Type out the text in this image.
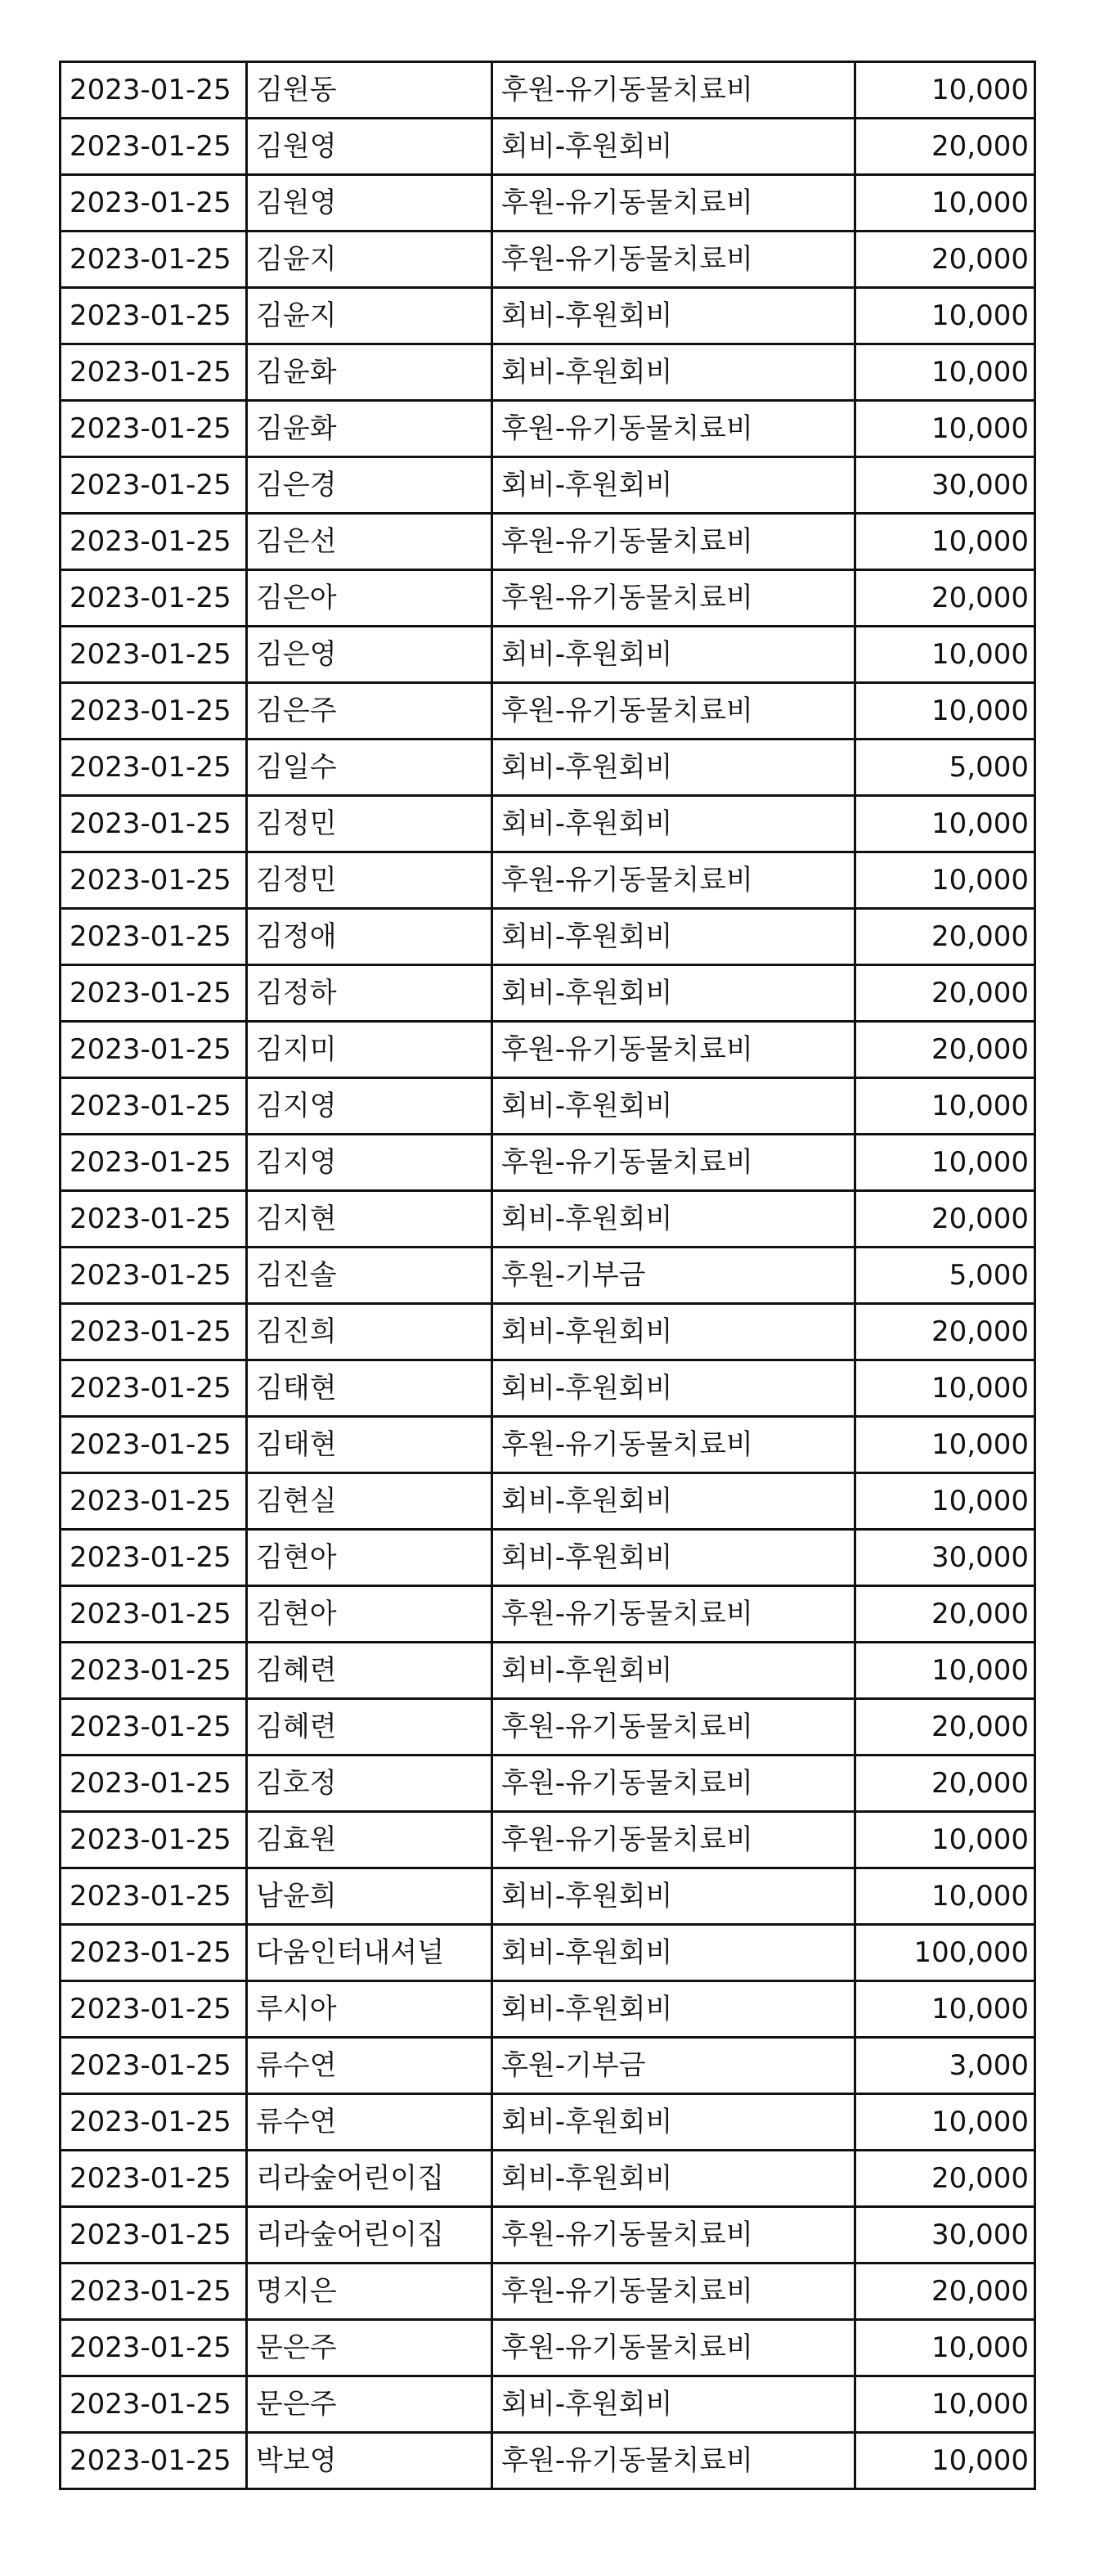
2023-01-25	김원동	후원-유기동물치료비	10,000
2023-01-25	김원영	회비-후원회비	20,000
2023-01-25	김원영	후원-유기동물치료비	10,000
2023-01-25	김윤지	후원-유기동물치료비	20,000
2023-01-25	김윤지	회비-후원회비	10,000
2023-01-25	김윤화	회비-후원회비	10,000
2023-01-25	김윤화	후원-유기동물치료비	10,000
2023-01-25	김은경	회비-후원회비	30,000
2023-01-25	김은선	후원-유기동물치료비	10,000
2023-01-25	김은아	후원-유기동물치료비	20,000
2023-01-25	김은영	회비-후원회비	10,000
2023-01-25	김은주	후원-유기동물치료비	10,000
2023-01-25	김일수	회비-후원회비	5,000
2023-01-25	김정민	회비-후원회비	10,000
2023-01-25	김정민	후원-유기동물치료비	10,000
2023-01-25	김정애	회비-후원회비	20,000
2023-01-25	김정하	회비-후원회비	20,000
2023-01-25	김지미	후원-유기동물치료비	20,000
2023-01-25	김지영	회비-후원회비	10,000
2023-01-25	김지영	후원-유기동물치료비	10,000
2023-01-25	김지현	회비-후원회비	20,000
2023-01-25	김진솔	후원-기부금	5,000
2023-01-25	김진희	회비-후원회비	20,000
2023-01-25	김태현	회비-후원회비	10,000
2023-01-25	김태현	후원-유기동물치료비	10,000
2023-01-25	김현실	회비-후원회비	10,000
2023-01-25	김현아	회비-후원회비	30,000
2023-01-25	김현아	후원-유기동물치료비	20,000
2023-01-25	김혜련	회비-후원회비	10,000
2023-01-25	김혜련	후원-유기동물치료비	20,000
2023-01-25	김호정	후원-유기동물치료비	20,000
2023-01-25	김효원	후원-유기동물치료비	10,000
2023-01-25	남윤희	회비-후원회비	10,000
2023-01-25	다움인터내셔널	회비-후원회비	100,000
2023-01-25	루시아	회비-후원회비	10,000
2023-01-25	류수연	후원-기부금	3,000
2023-01-25	류수연	회비-후원회비	10,000
2023-01-25	리라숲어린이집	회비-후원회비	20,000
2023-01-25	리라숲어린이집	후원-유기동물치료비	30,000
2023-01-25	명지은	후원-유기동물치료비	20,000
2023-01-25	문은주	후원-유기동물치료비	10,000
2023-01-25	문은주	회비-후원회비	10,000
2023-01-25	박보영	후원-유기동물치료비	10,000
